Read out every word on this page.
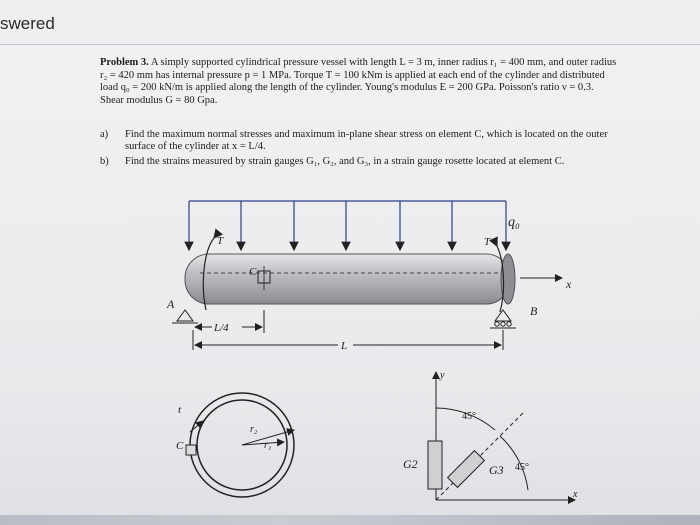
swered
Problem 3. A simply supported cylindrical pressure vessel with length L = 3 m, inner radius r₁ = 400 mm, and outer radius r₂ = 420 mm has internal pressure p = 1 MPa. Torque T = 100 kNm is applied at each end of the cylinder and distributed load q₀ = 200 kN/m is applied along the length of the cylinder. Young's modulus E = 200 GPa. Poisson's ratio ν = 0.3. Shear modulus G = 80 Gpa.
a) Find the maximum normal stresses and maximum in-plane shear stress on element C, which is located on the outer surface of the cylinder at x = L/4.
b) Find the strains measured by strain gauges G₁, G₂, and G₃, in a strain gauge rosette located at element C.
q₀
T	T
C
x
A	B
L/4
L
t
C
r₂
r₁
y
x
45°
45°
G2	G3
